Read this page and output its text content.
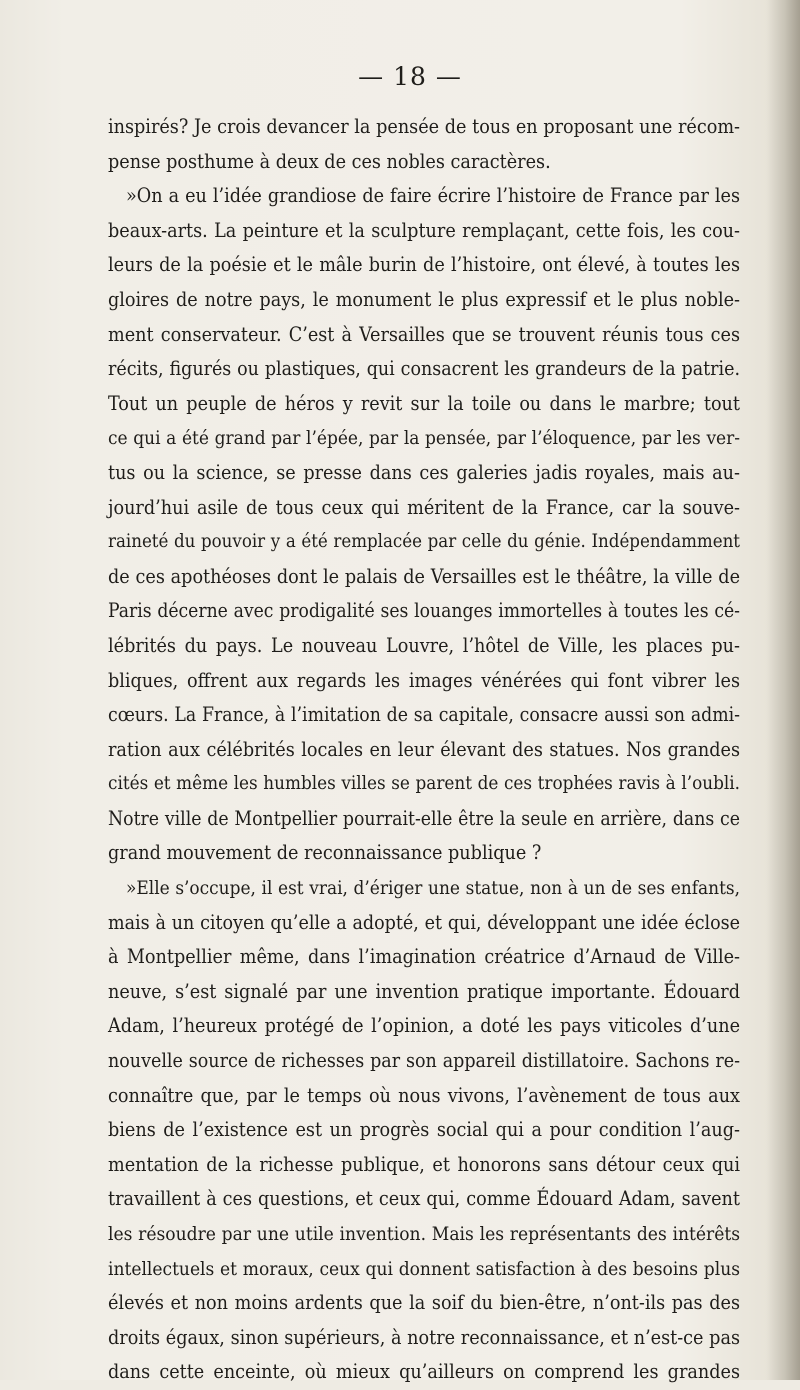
— 18 —
inspirés? Je crois devancer la pensée de tous en proposant une récom-
pense posthume à deux de ces nobles caractères.
»On a eu l’idée grandiose de faire écrire l’histoire de France par les
beaux-arts. La peinture et la sculpture remplaçant, cette fois, les cou-
leurs de la poésie et le mâle burin de l’histoire, ont élevé, à toutes les
gloires de notre pays, le monument le plus expressif et le plus noble-
ment conservateur. C’est à Versailles que se trouvent réunis tous ces
récits, figurés ou plastiques, qui consacrent les grandeurs de la patrie.
Tout un peuple de héros y revit sur la toile ou dans le marbre; tout
ce qui a été grand par l’épée, par la pensée, par l’éloquence, par les ver-
tus ou la science, se presse dans ces galeries jadis royales, mais au-
jourd’hui asile de tous ceux qui méritent de la France, car la souve-
raineté du pouvoir y a été remplacée par celle du génie. Indépendamment
de ces apothéoses dont le palais de Versailles est le théâtre, la ville de
Paris décerne avec prodigalité ses louanges immortelles à toutes les cé-
lébrités du pays. Le nouveau Louvre, l’hôtel de Ville, les places pu-
bliques, offrent aux regards les images vénérées qui font vibrer les
cœurs. La France, à l’imitation de sa capitale, consacre aussi son admi-
ration aux célébrités locales en leur élevant des statues. Nos grandes
cités et même les humbles villes se parent de ces trophées ravis à l’oubli.
Notre ville de Montpellier pourrait-elle être la seule en arrière, dans ce
grand mouvement de reconnaissance publique ?
»Elle s’occupe, il est vrai, d’ériger une statue, non à un de ses enfants,
mais à un citoyen qu’elle a adopté, et qui, développant une idée éclose
à Montpellier même, dans l’imagination créatrice d’Arnaud de Ville-
neuve, s’est signalé par une invention pratique importante. Édouard
Adam, l’heureux protégé de l’opinion, a doté les pays viticoles d’une
nouvelle source de richesses par son appareil distillatoire. Sachons re-
connaître que, par le temps où nous vivons, l’avènement de tous aux
biens de l’existence est un progrès social qui a pour condition l’aug-
mentation de la richesse publique, et honorons sans détour ceux qui
travaillent à ces questions, et ceux qui, comme Édouard Adam, savent
les résoudre par une utile invention. Mais les représentants des intérêts
intellectuels et moraux, ceux qui donnent satisfaction à des besoins plus
élevés et non moins ardents que la soif du bien-être, n’ont-ils pas des
droits égaux, sinon supérieurs, à notre reconnaissance, et n’est-ce pas
dans cette enceinte, où mieux qu’ailleurs on comprend les grandes
